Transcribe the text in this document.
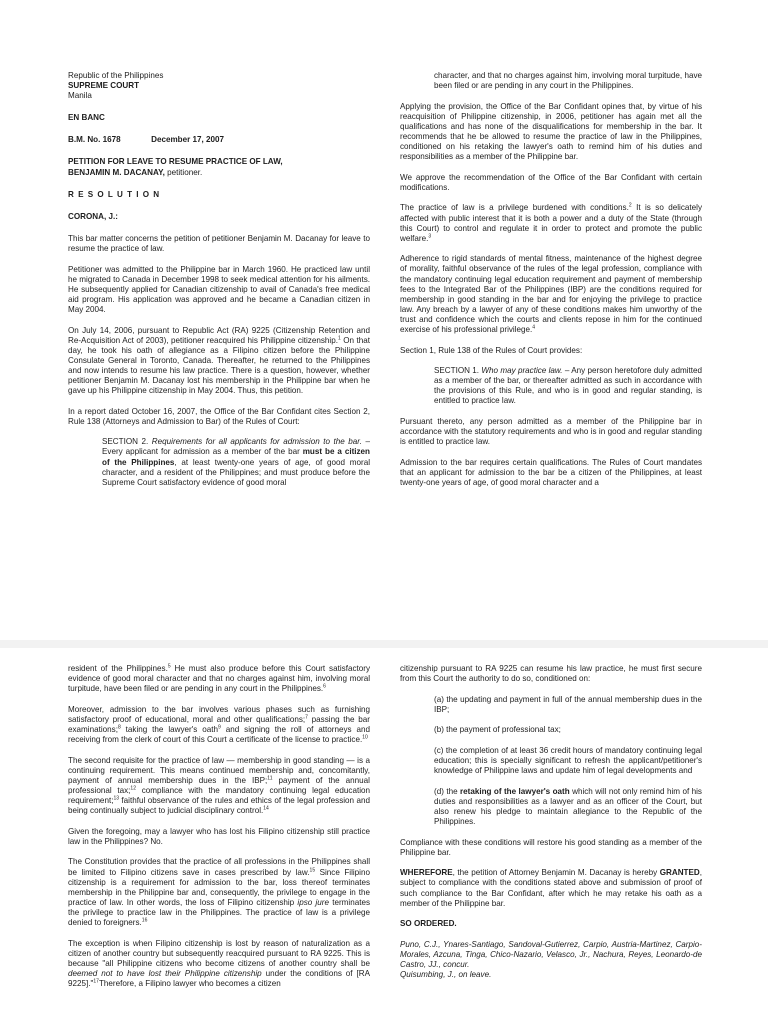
Republic of the Philippines

SUPREME COURT

Manila

EN BANC

B.M. No. 1678	December 17, 2007

PETITION FOR LEAVE TO RESUME PRACTICE OF LAW,

BENJAMIN M. DACANAY, petitioner.

R E S O L U T I O N

CORONA, J.:

This bar matter concerns the petition of petitioner Benjamin M. Dacanay for leave to resume the practice of law.

Petitioner was admitted to the Philippine bar in March 1960. He practiced law until he migrated to Canada in December 1998 to seek medical attention for his ailments. He subsequently applied for Canadian citizenship to avail of Canada's free medical aid program. His application was approved and he became a Canadian citizen in May 2004.

On July 14, 2006, pursuant to Republic Act (RA) 9225 (Citizenship Retention and Re-Acquisition Act of 2003), petitioner reacquired his Philippine citizenship.$^1$ On that day, he took his oath of allegiance as a Filipino citizen before the Philippine Consulate General in Toronto, Canada. Thereafter, he returned to the Philippines and now intends to resume his law practice. There is a question, however, whether petitioner Benjamin M. Dacanay lost his membership in the Philippine bar when he gave up his Philippine citizenship in May 2004. Thus, this petition.

In a report dated October 16, 2007, the Office of the Bar Confidant cites Section 2, Rule 138 (Attorneys and Admission to Bar) of the Rules of Court:

SECTION 2. Requirements for all applicants for admission to the bar. – Every applicant for admission as a member of the bar must be a citizen of the Philippines, at least twenty-one years of age, of good moral character, and a resident of the Philippines; and must produce before the Supreme Court satisfactory evidence of good moral

character, and that no charges against him, involving moral turpitude, have been filed or are pending in any court in the Philippines.

Applying the provision, the Office of the Bar Confidant opines that, by virtue of his reacquisition of Philippine citizenship, in 2006, petitioner has again met all the qualifications and has none of the disqualifications for membership in the bar. It recommends that he be allowed to resume the practice of law in the Philippines, conditioned on his retaking the lawyer's oath to remind him of his duties and responsibilities as a member of the Philippine bar.

We approve the recommendation of the Office of the Bar Confidant with certain modifications.

The practice of law is a privilege burdened with conditions.$^2$ It is so delicately affected with public interest that it is both a power and a duty of the State (through this Court) to control and regulate it in order to protect and promote the public welfare.$^3$

Adherence to rigid standards of mental fitness, maintenance of the highest degree of morality, faithful observance of the rules of the legal profession, compliance with the mandatory continuing legal education requirement and payment of membership fees to the Integrated Bar of the Philippines (IBP) are the conditions required for membership in good standing in the bar and for enjoying the privilege to practice law. Any breach by a lawyer of any of these conditions makes him unworthy of the trust and confidence which the courts and clients repose in him for the continued exercise of his professional privilege.$^4$

Section 1, Rule 138 of the Rules of Court provides:

SECTION 1. Who may practice law. – Any person heretofore duly admitted as a member of the bar, or thereafter admitted as such in accordance with the provisions of this Rule, and who is in good and regular standing, is entitled to practice law.

Pursuant thereto, any person admitted as a member of the Philippine bar in accordance with the statutory requirements and who is in good and regular standing is entitled to practice law.

Admission to the bar requires certain qualifications. The Rules of Court mandates that an applicant for admission to the bar be a citizen of the Philippines, at least twenty-one years of age, of good moral character and a

resident of the Philippines.$^5$ He must also produce before this Court satisfactory evidence of good moral character and that no charges against him, involving moral turpitude, have been filed or are pending in any court in the Philippines.$^6$

Moreover, admission to the bar involves various phases such as furnishing satisfactory proof of educational, moral and other qualifications;$^7$ passing the bar examinations;$^8$ taking the lawyer's oath$^9$ and signing the roll of attorneys and receiving from the clerk of court of this Court a certificate of the license to practice.$^{10}$

The second requisite for the practice of law — membership in good standing — is a continuing requirement. This means continued membership and, concomitantly, payment of annual membership dues in the IBP;$^{11}$ payment of the annual professional tax;$^{12}$ compliance with the mandatory continuing legal education requirement;$^{13}$ faithful observance of the rules and ethics of the legal profession and being continually subject to judicial disciplinary control.$^{14}$

Given the foregoing, may a lawyer who has lost his Filipino citizenship still practice law in the Philippines? No.

The Constitution provides that the practice of all professions in the Philippines shall be limited to Filipino citizens save in cases prescribed by law.$^{15}$ Since Filipino citizenship is a requirement for admission to the bar, loss thereof terminates membership in the Philippine bar and, consequently, the privilege to engage in the practice of law. In other words, the loss of Filipino citizenship ipso jure terminates the privilege to practice law in the Philippines. The practice of law is a privilege denied to foreigners.$^{16}$

The exception is when Filipino citizenship is lost by reason of naturalization as a citizen of another country but subsequently reacquired pursuant to RA 9225. This is because "all Philippine citizens who become citizens of another country shall be deemed not to have lost their Philippine citizenship under the conditions of [RA 9225]."$^{17}$Therefore, a Filipino lawyer who becomes a citizen

citizenship pursuant to RA 9225 can resume his law practice, he must first secure from this Court the authority to do so, conditioned on:

(a) the updating and payment in full of the annual membership dues in the IBP;

(b) the payment of professional tax;

(c) the completion of at least 36 credit hours of mandatory continuing legal education; this is specially significant to refresh the applicant/petitioner's knowledge of Philippine laws and update him of legal developments and

(d) the retaking of the lawyer's oath which will not only remind him of his duties and responsibilities as a lawyer and as an officer of the Court, but also renew his pledge to maintain allegiance to the Republic of the Philippines.

Compliance with these conditions will restore his good standing as a member of the Philippine bar.

WHEREFORE, the petition of Attorney Benjamin M. Dacanay is hereby GRANTED, subject to compliance with the conditions stated above and submission of proof of such compliance to the Bar Confidant, after which he may retake his oath as a member of the Philippine bar.

SO ORDERED.

Puno, C.J., Ynares-Santiago, Sandoval-Gutierrez, Carpio, Austria-Martinez, Carpio-Morales, Azcuna, Tinga, Chico-Nazario, Velasco, Jr., Nachura, Reyes, Leonardo-de Castro, JJ., concur.

Quisumbing, J., on leave.
